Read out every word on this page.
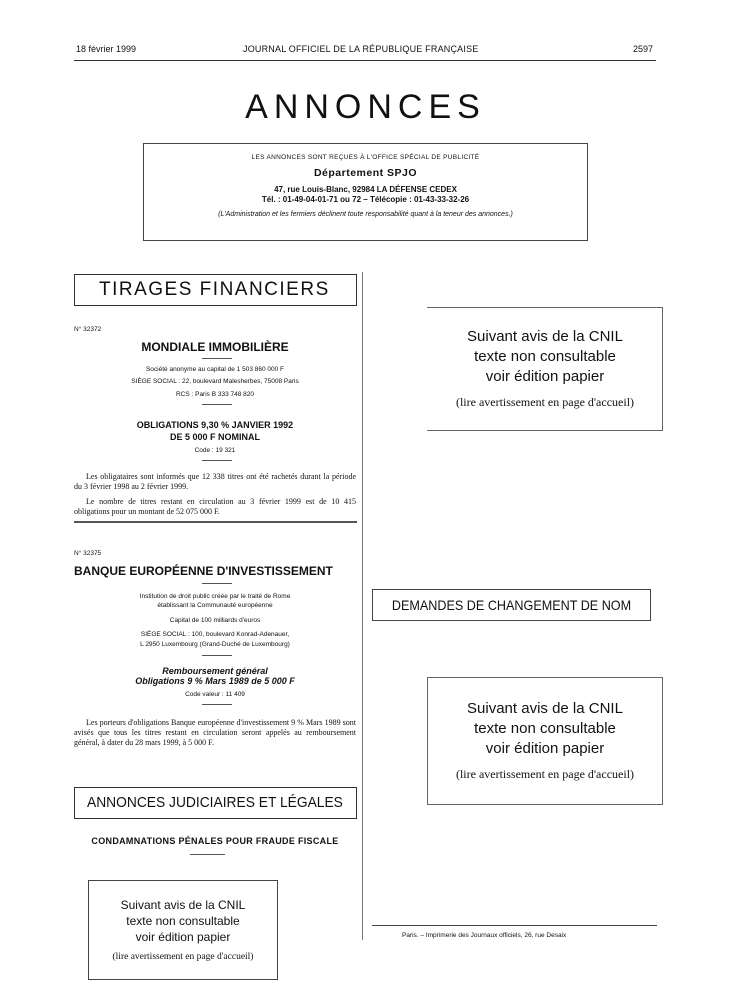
18 février 1999	JOURNAL OFFICIEL DE LA RÉPUBLIQUE FRANÇAISE	2597
ANNONCES
LES ANNONCES SONT REÇUES À L'OFFICE SPÉCIAL DE PUBLICITÉ
Département SPJO
47, rue Louis-Blanc, 92984 LA DÉFENSE CEDEX
Tél. : 01-49-04-01-71 ou 72 – Télécopie : 01-43-33-32-26
(L'Administration et les fermiers déclinent toute responsabilité quant à la teneur des annonces.)
TIRAGES FINANCIERS
N° 32372
MONDIALE IMMOBILIÈRE
Société anonyme au capital de 1 503 860 000 F
SIÈGE SOCIAL : 22, boulevard Malesherbes, 75008 Paris
RCS : Paris B 333 748 820
OBLIGATIONS 9,30 % JANVIER 1992
DE 5 000 F NOMINAL
Code : 19 321
Les obligataires sont informés que 12 338 titres ont été rachetés durant la période du 3 février 1998 au 2 février 1999.
Le nombre de titres restant en circulation au 3 février 1999 est de 10 415 obligations pour un montant de 52 075 000 F.
N° 32375
BANQUE EUROPÉENNE D'INVESTISSEMENT
Institution de droit public créée par le traité de Rome
établissant la Communauté européenne
Capital de 100 milliards d'euros
SIÈGE SOCIAL : 100, boulevard Konrad-Adenauer,
L 2950 Luxembourg (Grand-Duché de Luxembourg)
Remboursement général
Obligations 9 % Mars 1989 de 5 000 F
Code valeur : 11 409
Les porteurs d'obligations Banque européenne d'investissement 9 % Mars 1989 sont avisés que tous les titres restant en circulation seront appelés au remboursement général, à dater du 28 mars 1999, à 5 000 F.
ANNONCES JUDICIAIRES ET LÉGALES
CONDAMNATIONS PÉNALES POUR FRAUDE FISCALE
Suivant avis de la CNIL
texte non consultable
voir édition papier
(lire avertissement en page d'accueil)
Suivant avis de la CNIL
texte non consultable
voir édition papier
(lire avertissement en page d'accueil)
DEMANDES DE CHANGEMENT DE NOM
Suivant avis de la CNIL
texte non consultable
voir édition papier
(lire avertissement en page d'accueil)
Paris. – Imprimerie des Journaux officiels, 26, rue Desaix
